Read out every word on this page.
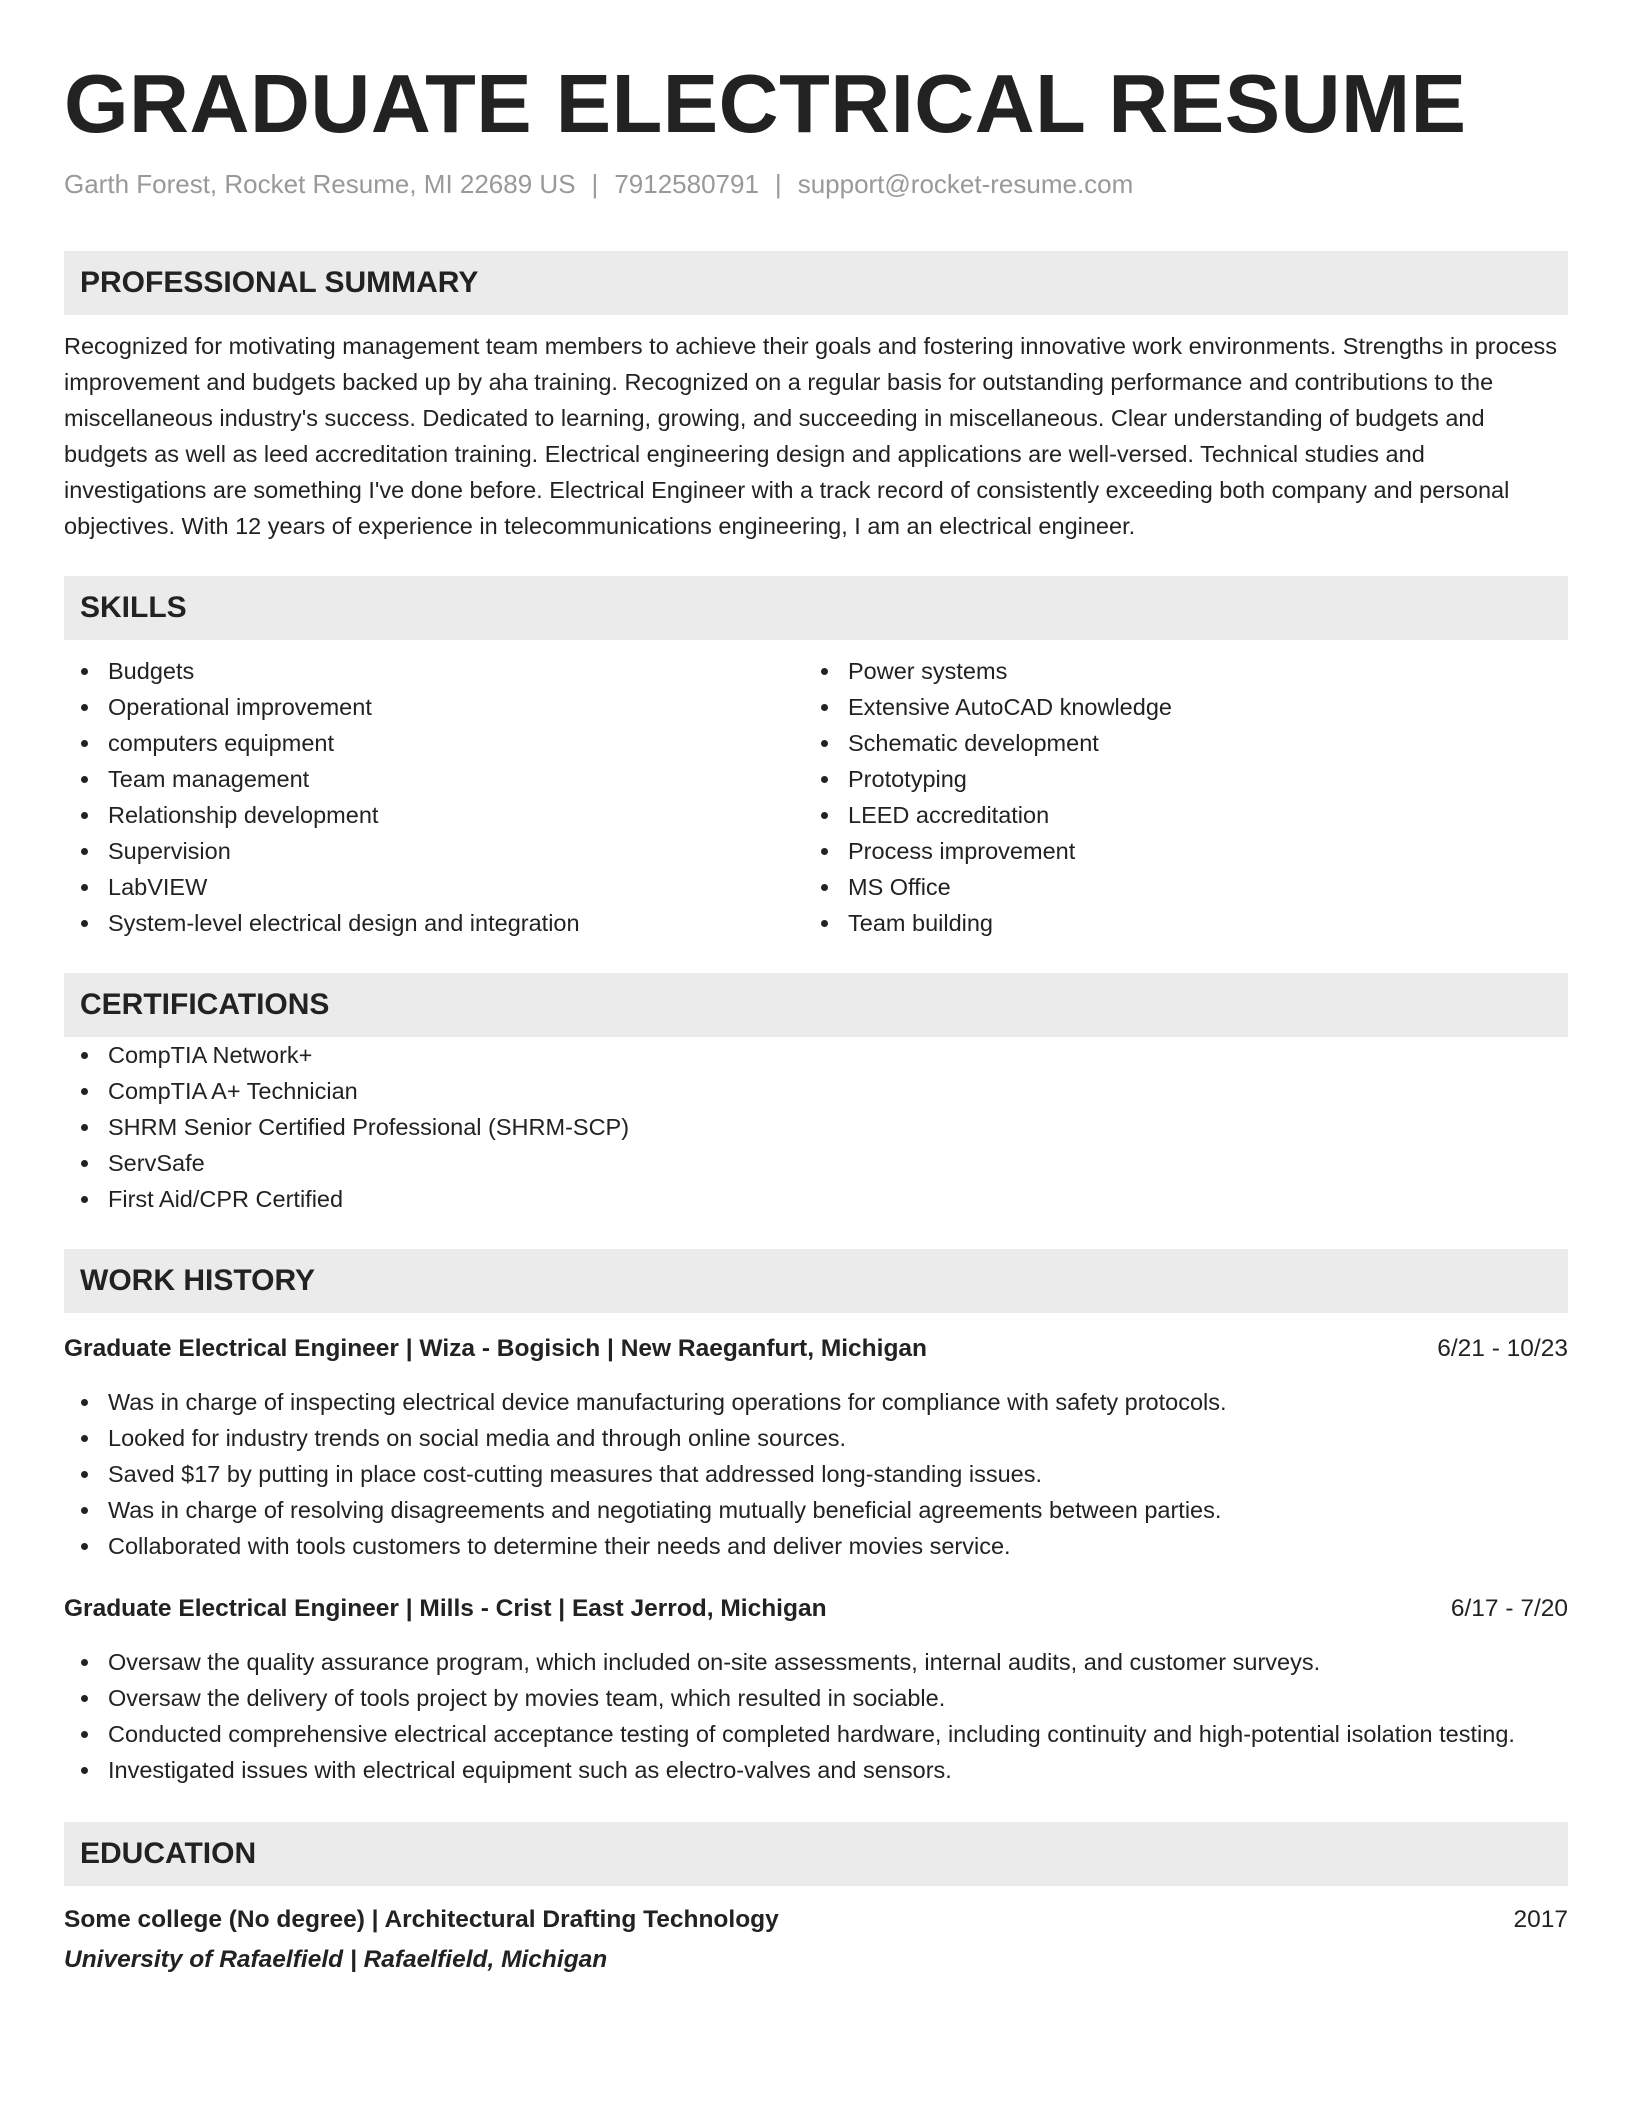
GRADUATE ELECTRICAL RESUME
Garth Forest, Rocket Resume, MI 22689 US | 7912580791 | support@rocket-resume.com
PROFESSIONAL SUMMARY
Recognized for motivating management team members to achieve their goals and fostering innovative work environments. Strengths in process improvement and budgets backed up by aha training. Recognized on a regular basis for outstanding performance and contributions to the miscellaneous industry's success. Dedicated to learning, growing, and succeeding in miscellaneous. Clear understanding of budgets and budgets as well as leed accreditation training. Electrical engineering design and applications are well-versed. Technical studies and investigations are something I've done before. Electrical Engineer with a track record of consistently exceeding both company and personal objectives. With 12 years of experience in telecommunications engineering, I am an electrical engineer.
SKILLS
Budgets
Operational improvement
computers equipment
Team management
Relationship development
Supervision
LabVIEW
System-level electrical design and integration
Power systems
Extensive AutoCAD knowledge
Schematic development
Prototyping
LEED accreditation
Process improvement
MS Office
Team building
CERTIFICATIONS
CompTIA Network+
CompTIA A+ Technician
SHRM Senior Certified Professional (SHRM-SCP)
ServSafe
First Aid/CPR Certified
WORK HISTORY
Graduate Electrical Engineer | Wiza - Bogisich | New Raeganfurt, Michigan	6/21 - 10/23
Was in charge of inspecting electrical device manufacturing operations for compliance with safety protocols.
Looked for industry trends on social media and through online sources.
Saved $17 by putting in place cost-cutting measures that addressed long-standing issues.
Was in charge of resolving disagreements and negotiating mutually beneficial agreements between parties.
Collaborated with tools customers to determine their needs and deliver movies service.
Graduate Electrical Engineer | Mills - Crist | East Jerrod, Michigan	6/17 - 7/20
Oversaw the quality assurance program, which included on-site assessments, internal audits, and customer surveys.
Oversaw the delivery of tools project by movies team, which resulted in sociable.
Conducted comprehensive electrical acceptance testing of completed hardware, including continuity and high-potential isolation testing.
Investigated issues with electrical equipment such as electro-valves and sensors.
EDUCATION
Some college (No degree) | Architectural Drafting Technology	2017
University of Rafaelfield | Rafaelfield, Michigan
